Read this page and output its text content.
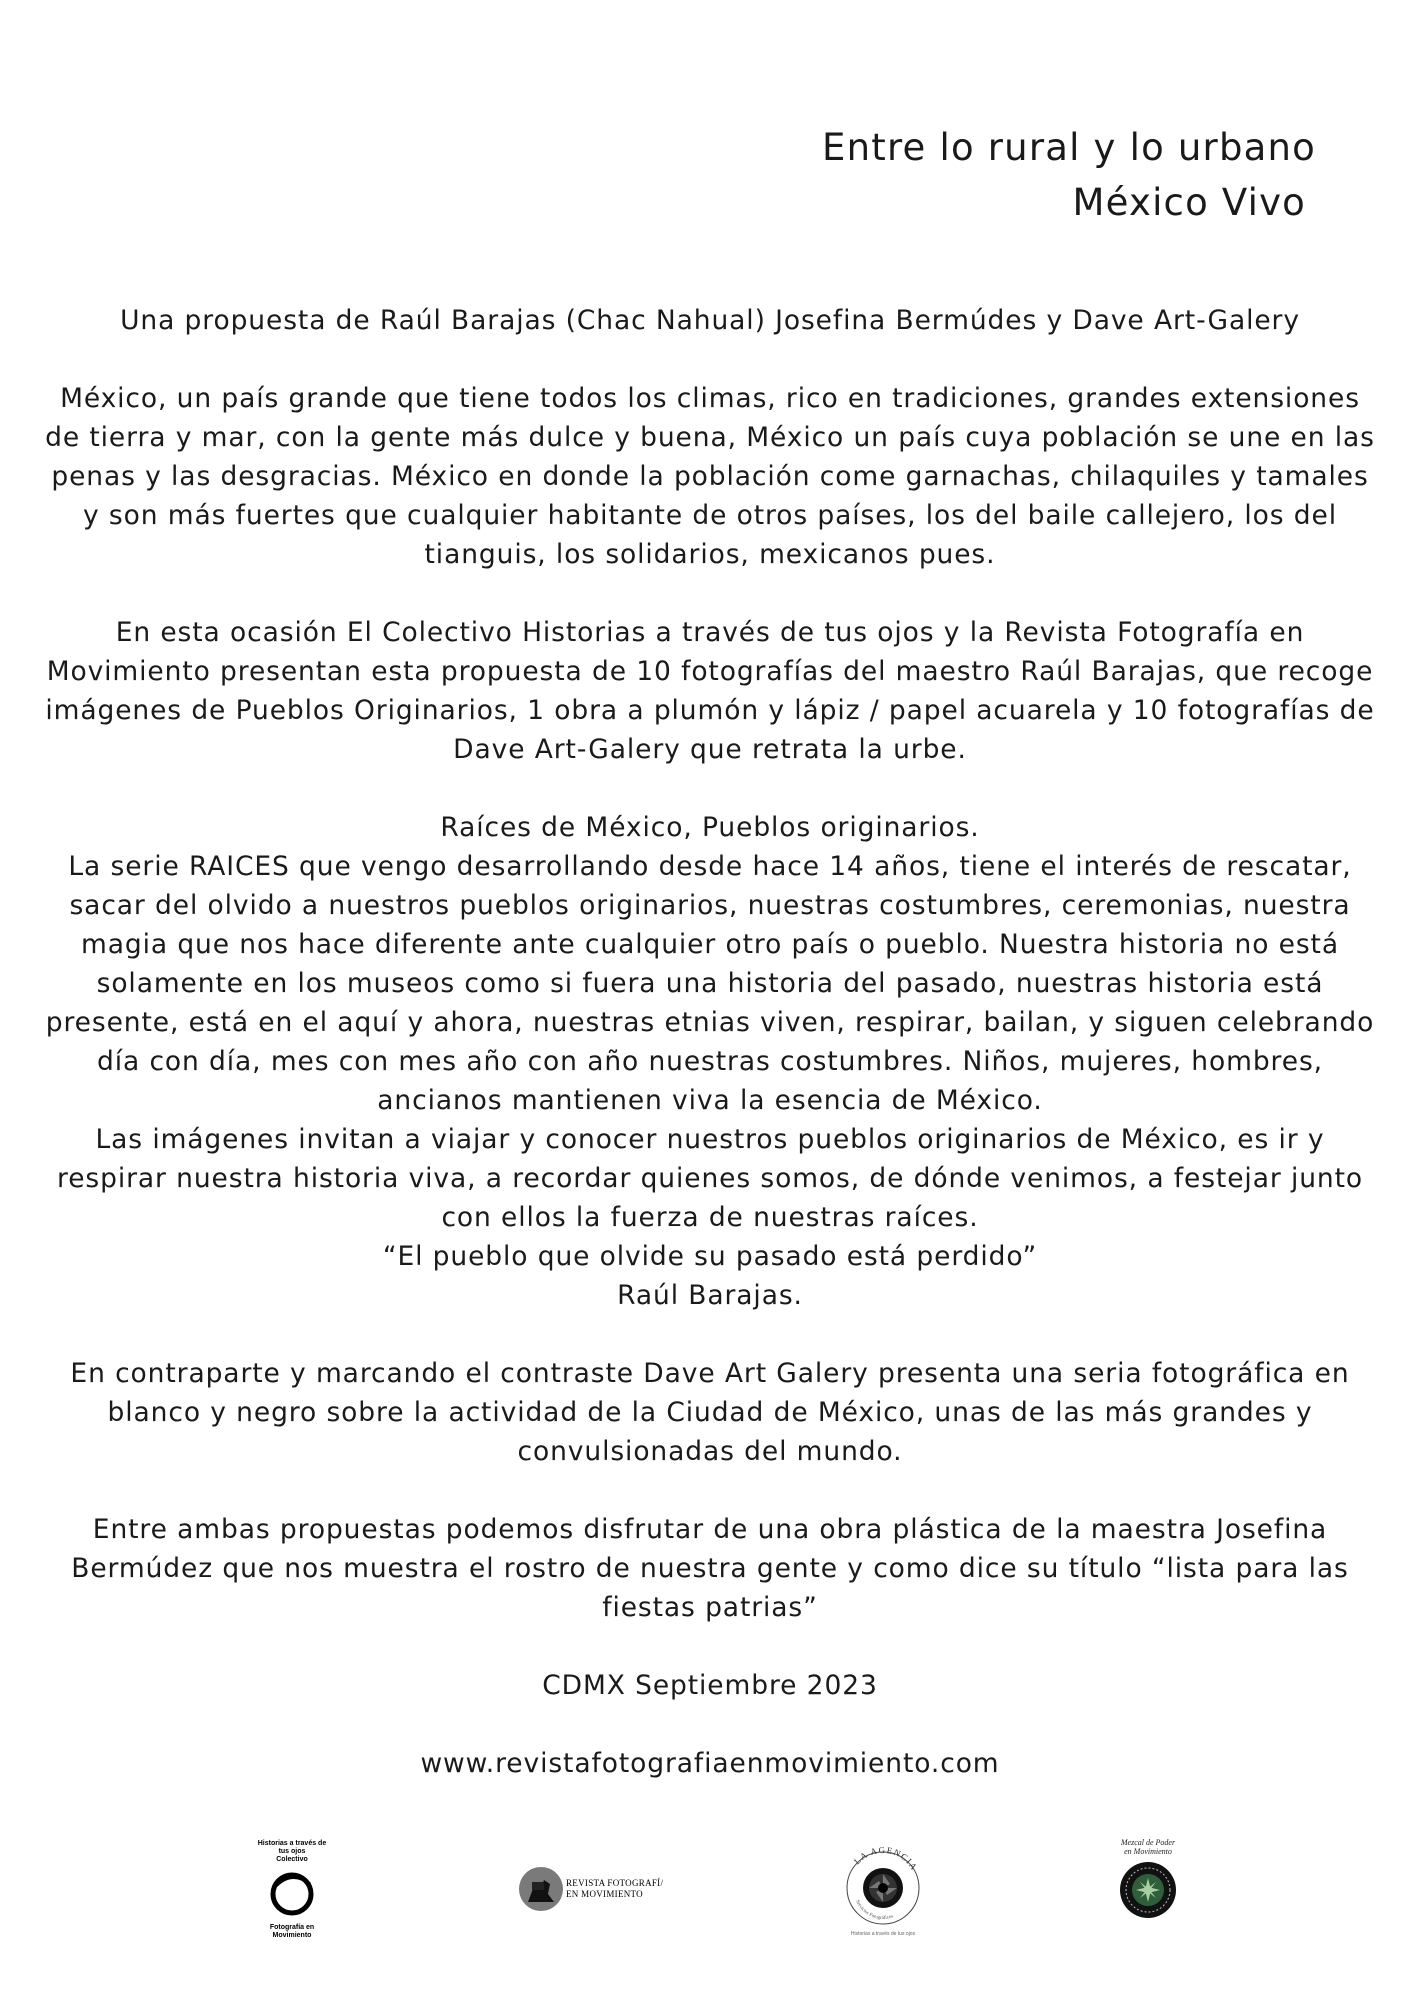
Entre lo rural y lo urbano

México Vivo

Una propuesta de Raúl Barajas (Chac Nahual) Josefina Bermúdes y Dave Art-Galery

México, un país grande que tiene todos los climas, rico en tradiciones, grandes extensiones de tierra y mar, con la gente más dulce y buena, México un país cuya población se une en las penas y las desgracias. México en donde la población come garnachas, chilaquiles y tamales y son más fuertes que cualquier habitante de otros países, los del baile callejero, los del tianguis, los solidarios, mexicanos pues.

En esta ocasión El Colectivo Historias a través de tus ojos y la Revista Fotografía en Movimiento presentan esta propuesta de 10 fotografías del maestro Raúl Barajas, que recoge imágenes de Pueblos Originarios, 1 obra a plumón y lápiz / papel acuarela y 10 fotografías de Dave Art-Galery que retrata la urbe.

Raíces de México, Pueblos originarios.

La serie RAICES que vengo desarrollando desde hace 14 años, tiene el interés de rescatar, sacar del olvido a nuestros pueblos originarios, nuestras costumbres, ceremonias, nuestra magia que nos hace diferente ante cualquier otro país o pueblo. Nuestra historia no está solamente en los museos como si fuera una historia del pasado, nuestras historia está presente, está en el aquí y ahora, nuestras etnias viven, respirar, bailan, y siguen celebrando día con día, mes con mes año con año nuestras costumbres. Niños, mujeres, hombres, ancianos mantienen viva la esencia de México.

Las imágenes invitan a viajar y conocer nuestros pueblos originarios de México, es ir y respirar nuestra historia viva, a recordar quienes somos, de dónde venimos, a festejar junto con ellos la fuerza de nuestras raíces.

“El pueblo que olvide su pasado está perdido”

Raúl Barajas.

En contraparte y marcando el contraste Dave Art Galery presenta una seria fotográfica en blanco y negro sobre la actividad de la Ciudad de México, unas de las más grandes y convulsionadas del mundo.

Entre ambas propuestas podemos disfrutar de una obra plástica de la maestra Josefina Bermúdez que nos muestra el rostro de nuestra gente y como dice su título “lista para las fiestas patrias”

CDMX Septiembre 2023

www.revistafotografiaenmovimiento.com

Historias a través de tus ojos
Colectivo
Fotografía en Movimiento
REVISTA FOTOGRAFÍ/
EN MOVIMIENTO
LA AGENCIA
Servicios Fotográficos
Historias a través de tus ojos
Mezcal de Poder
en Movimiento
